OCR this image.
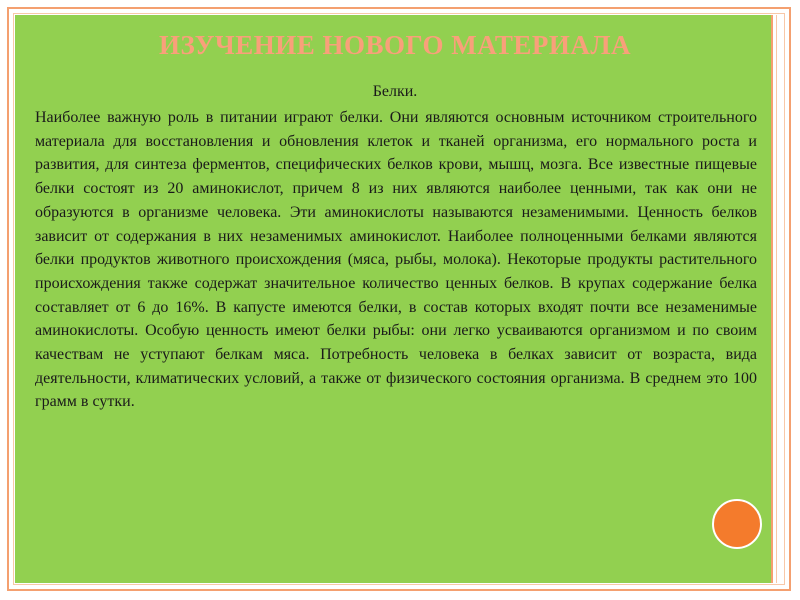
ИЗУЧЕНИЕ НОВОГО МАТЕРИАЛА

Белки.

Наиболее важную роль в питании играют белки. Они являются основным источником строительного материала для восстановления и обновления клеток и тканей организма, его нормального роста и развития, для синтеза ферментов, специфических белков крови, мышц, мозга. Все известные пищевые белки состоят из 20 аминокислот, причем 8 из них являются наиболее ценными, так как они не образуются в организме человека. Эти аминокислоты называются незаменимыми. Ценность белков зависит от содержания в них незаменимых аминокислот. Наиболее полноценными белками являются белки продуктов животного происхождения (мяса, рыбы, молока). Некоторые продукты растительного происхождения также содержат значительное количество ценных белков. В крупах содержание белка составляет от 6 до 16%. В капусте имеются белки, в состав которых входят почти все незаменимые аминокислоты. Особую ценность имеют белки рыбы: они легко усваиваются организмом и по своим качествам не уступают белкам мяса. Потребность человека в белках зависит от возраста, вида деятельности, климатических условий, а также от физического состояния организма. В среднем это 100 грамм в сутки.
